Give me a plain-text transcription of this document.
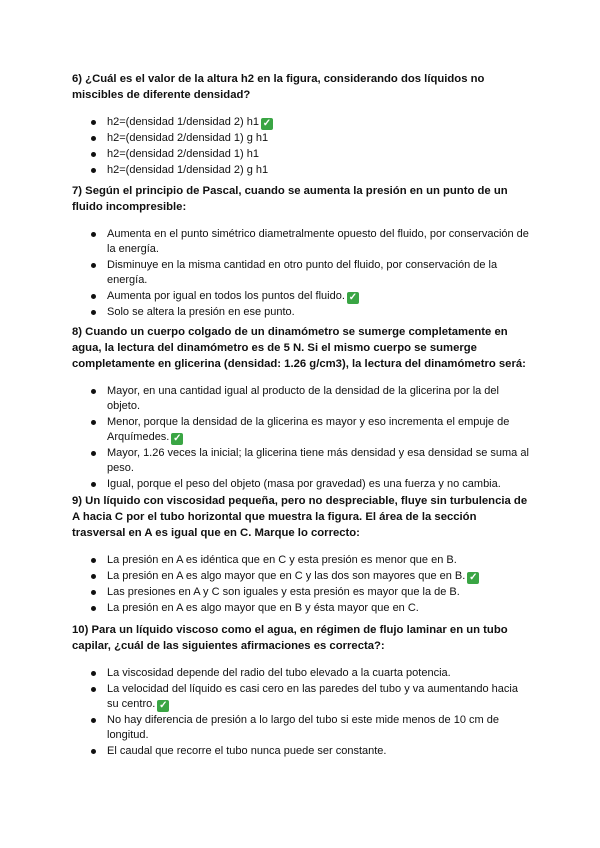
6) ¿Cuál es el valor de la altura h2 en la figura, considerando dos líquidos no miscibles de diferente densidad?

h2=(densidad 1/densidad 2) h1 ✓
h2=(densidad 2/densidad 1) g h1
h2=(densidad 2/densidad 1) h1
h2=(densidad 1/densidad 2) g h1

7) Según el principio de Pascal, cuando se aumenta la presión en un punto de un fluido incompresible:

Aumenta en el punto simétrico diametralmente opuesto del fluido, por conservación de la energía.
Disminuye en la misma cantidad en otro punto del fluido, por conservación de la energía.
Aumenta por igual en todos los puntos del fluido. ✓
Solo se altera la presión en ese punto.

8) Cuando un cuerpo colgado de un dinamómetro se sumerge completamente en agua, la lectura del dinamómetro es de 5 N. Si el mismo cuerpo se sumerge completamente en glicerina (densidad: 1.26 g/cm3), la lectura del dinamómetro será:

Mayor, en una cantidad igual al producto de la densidad de la glicerina por la del objeto.
Menor, porque la densidad de la glicerina es mayor y eso incrementa el empuje de Arquímedes. ✓
Mayor, 1.26 veces la inicial; la glicerina tiene más densidad y esa densidad se suma al peso.
Igual, porque el peso del objeto (masa por gravedad) es una fuerza y no cambia.

9) Un líquido con viscosidad pequeña, pero no despreciable, fluye sin turbulencia de A hacia C por el tubo horizontal que muestra la figura. El área de la sección trasversal en A es igual que en C. Marque lo correcto:

La presión en A es idéntica que en C y esta presión es menor que en B.
La presión en A es algo mayor que en C y las dos son mayores que en B. ✓
Las presiones en A y C son iguales y esta presión es mayor que la de B.
La presión en A es algo mayor que en B y ésta mayor que en C.

10) Para un líquido viscoso como el agua, en régimen de flujo laminar en un tubo capilar, ¿cuál de las siguientes afirmaciones es correcta?:

La viscosidad depende del radio del tubo elevado a la cuarta potencia.
La velocidad del líquido es casi cero en las paredes del tubo y va aumentando hacia su centro. ✓
No hay diferencia de presión a lo largo del tubo si este mide menos de 10 cm de longitud.
El caudal que recorre el tubo nunca puede ser constante.
